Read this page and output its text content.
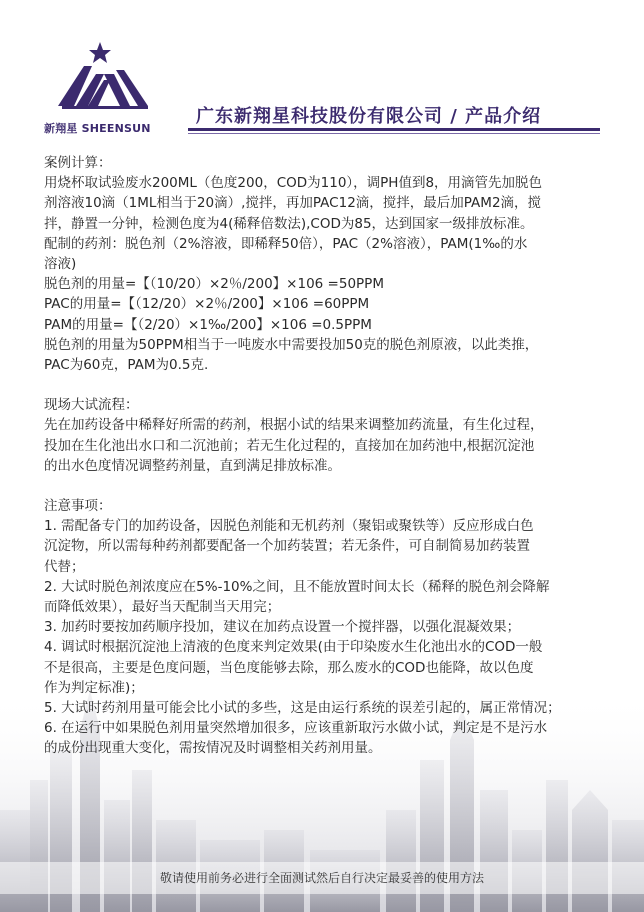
新翔星 SHEENSUN
广东新翔星科技股份有限公司 / 产品介绍

案例计算：

用烧杯取试验废水200ML（色度200，COD为110），调PH值到8，用滴管先加脱色

剂溶液10滴（1ML相当于20滴）,搅拌，再加PAC12滴，搅拌，最后加PAM2滴，搅

拌，静置一分钟，检测色度为4(稀释倍数法),COD为85，达到国家一级排放标准。

配制的药剂：脱色剂（2%溶液，即稀释50倍），PAC（2%溶液），PAM(1‰的水

溶液)

脱色剂的用量=【（10/20）×2％/200】×106 =50PPM

PAC的用量=【（12/20）×2％/200】×106 =60PPM

PAM的用量=【（2/20）×1‰/200】×106 =0.5PPM

脱色剂的用量为50PPM相当于一吨废水中需要投加50克的脱色剂原液，以此类推，

PAC为60克，PAM为0.5克.

现场大试流程：

先在加药设备中稀释好所需的药剂，根据小试的结果来调整加药流量，有生化过程，

投加在生化池出水口和二沉池前；若无生化过程的，直接加在加药池中,根据沉淀池

的出水色度情况调整药剂量，直到满足排放标准。

注意事项：

1. 需配备专门的加药设备，因脱色剂能和无机药剂（聚铝或聚铁等）反应形成白色

沉淀物，所以需每种药剂都要配备一个加药装置；若无条件，可自制简易加药装置

代替；

2. 大试时脱色剂浓度应在5%-10%之间，且不能放置时间太长（稀释的脱色剂会降解

而降低效果），最好当天配制当天用完；

3. 加药时要按加药顺序投加，建议在加药点设置一个搅拌器，以强化混凝效果；

4. 调试时根据沉淀池上清液的色度来判定效果(由于印染废水生化池出水的COD一般

不是很高，主要是色度问题，当色度能够去除，那么废水的COD也能降，故以色度

作为判定标准)；

5. 大试时药剂用量可能会比小试的多些，这是由运行系统的误差引起的，属正常情况；

6. 在运行中如果脱色剂用量突然增加很多，应该重新取污水做小试，判定是不是污水

的成份出现重大变化，需按情况及时调整相关药剂用量。

敬请使用前务必进行全面测试然后自行决定最妥善的使用方法
